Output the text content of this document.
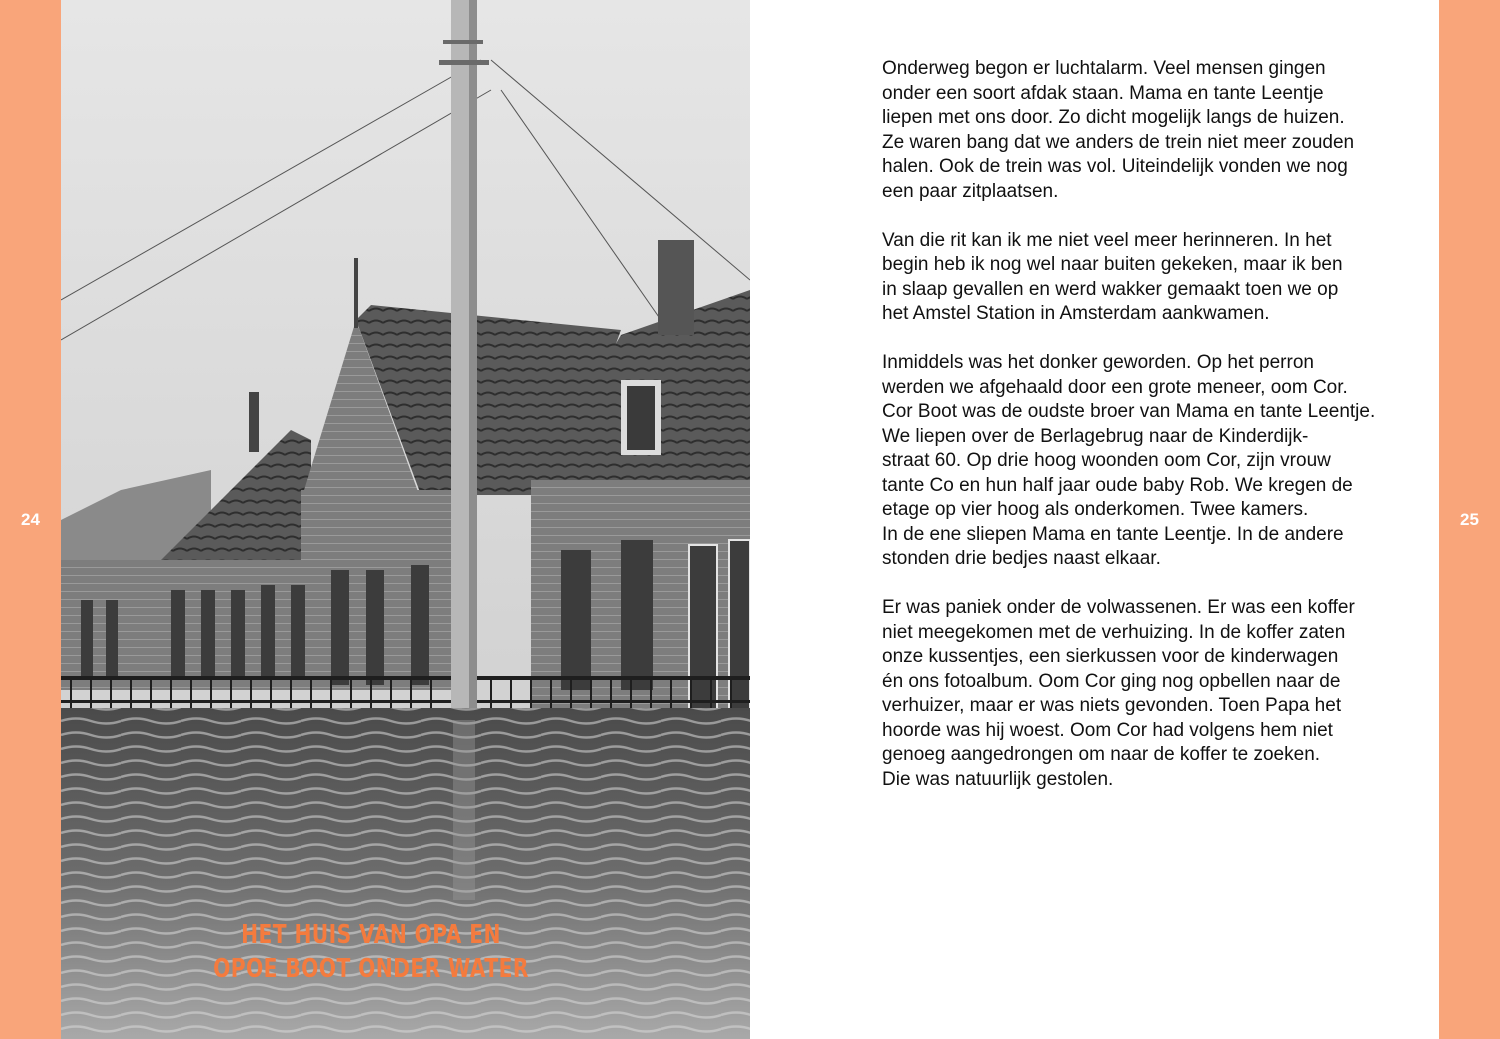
24	25
HET HUIS VAN OPA EN
OPOE BOOT ONDER WATER

Onderweg begon er luchtalarm. Veel mensen gingen
onder een soort afdak staan. Mama en tante Leentje
liepen met ons door. Zo dicht mogelijk langs de huizen.
Ze waren bang dat we anders de trein niet meer zouden
halen. Ook de trein was vol. Uiteindelijk vonden we nog
een paar zitplaatsen.

Van die rit kan ik me niet veel meer herinneren. In het
begin heb ik nog wel naar buiten gekeken, maar ik ben
in slaap gevallen en werd wakker gemaakt toen we op
het Amstel Station in Amsterdam aankwamen.

Inmiddels was het donker geworden. Op het perron
werden we afgehaald door een grote meneer, oom Cor.
Cor Boot was de oudste broer van Mama en tante Leentje.
We liepen over de Berlagebrug naar de Kinderdijk-
straat 60. Op drie hoog woonden oom Cor, zijn vrouw
tante Co en hun half jaar oude baby Rob. We kregen de
etage op vier hoog als onderkomen. Twee kamers.
In de ene sliepen Mama en tante Leentje. In de andere
stonden drie bedjes naast elkaar.

Er was paniek onder de volwassenen. Er was een koffer
niet meegekomen met de verhuizing. In de koffer zaten
onze kussentjes, een sierkussen voor de kinderwagen
én ons fotoalbum. Oom Cor ging nog opbellen naar de
verhuizer, maar er was niets gevonden. Toen Papa het
hoorde was hij woest. Oom Cor had volgens hem niet
genoeg aangedrongen om naar de koffer te zoeken.
Die was natuurlijk gestolen.
